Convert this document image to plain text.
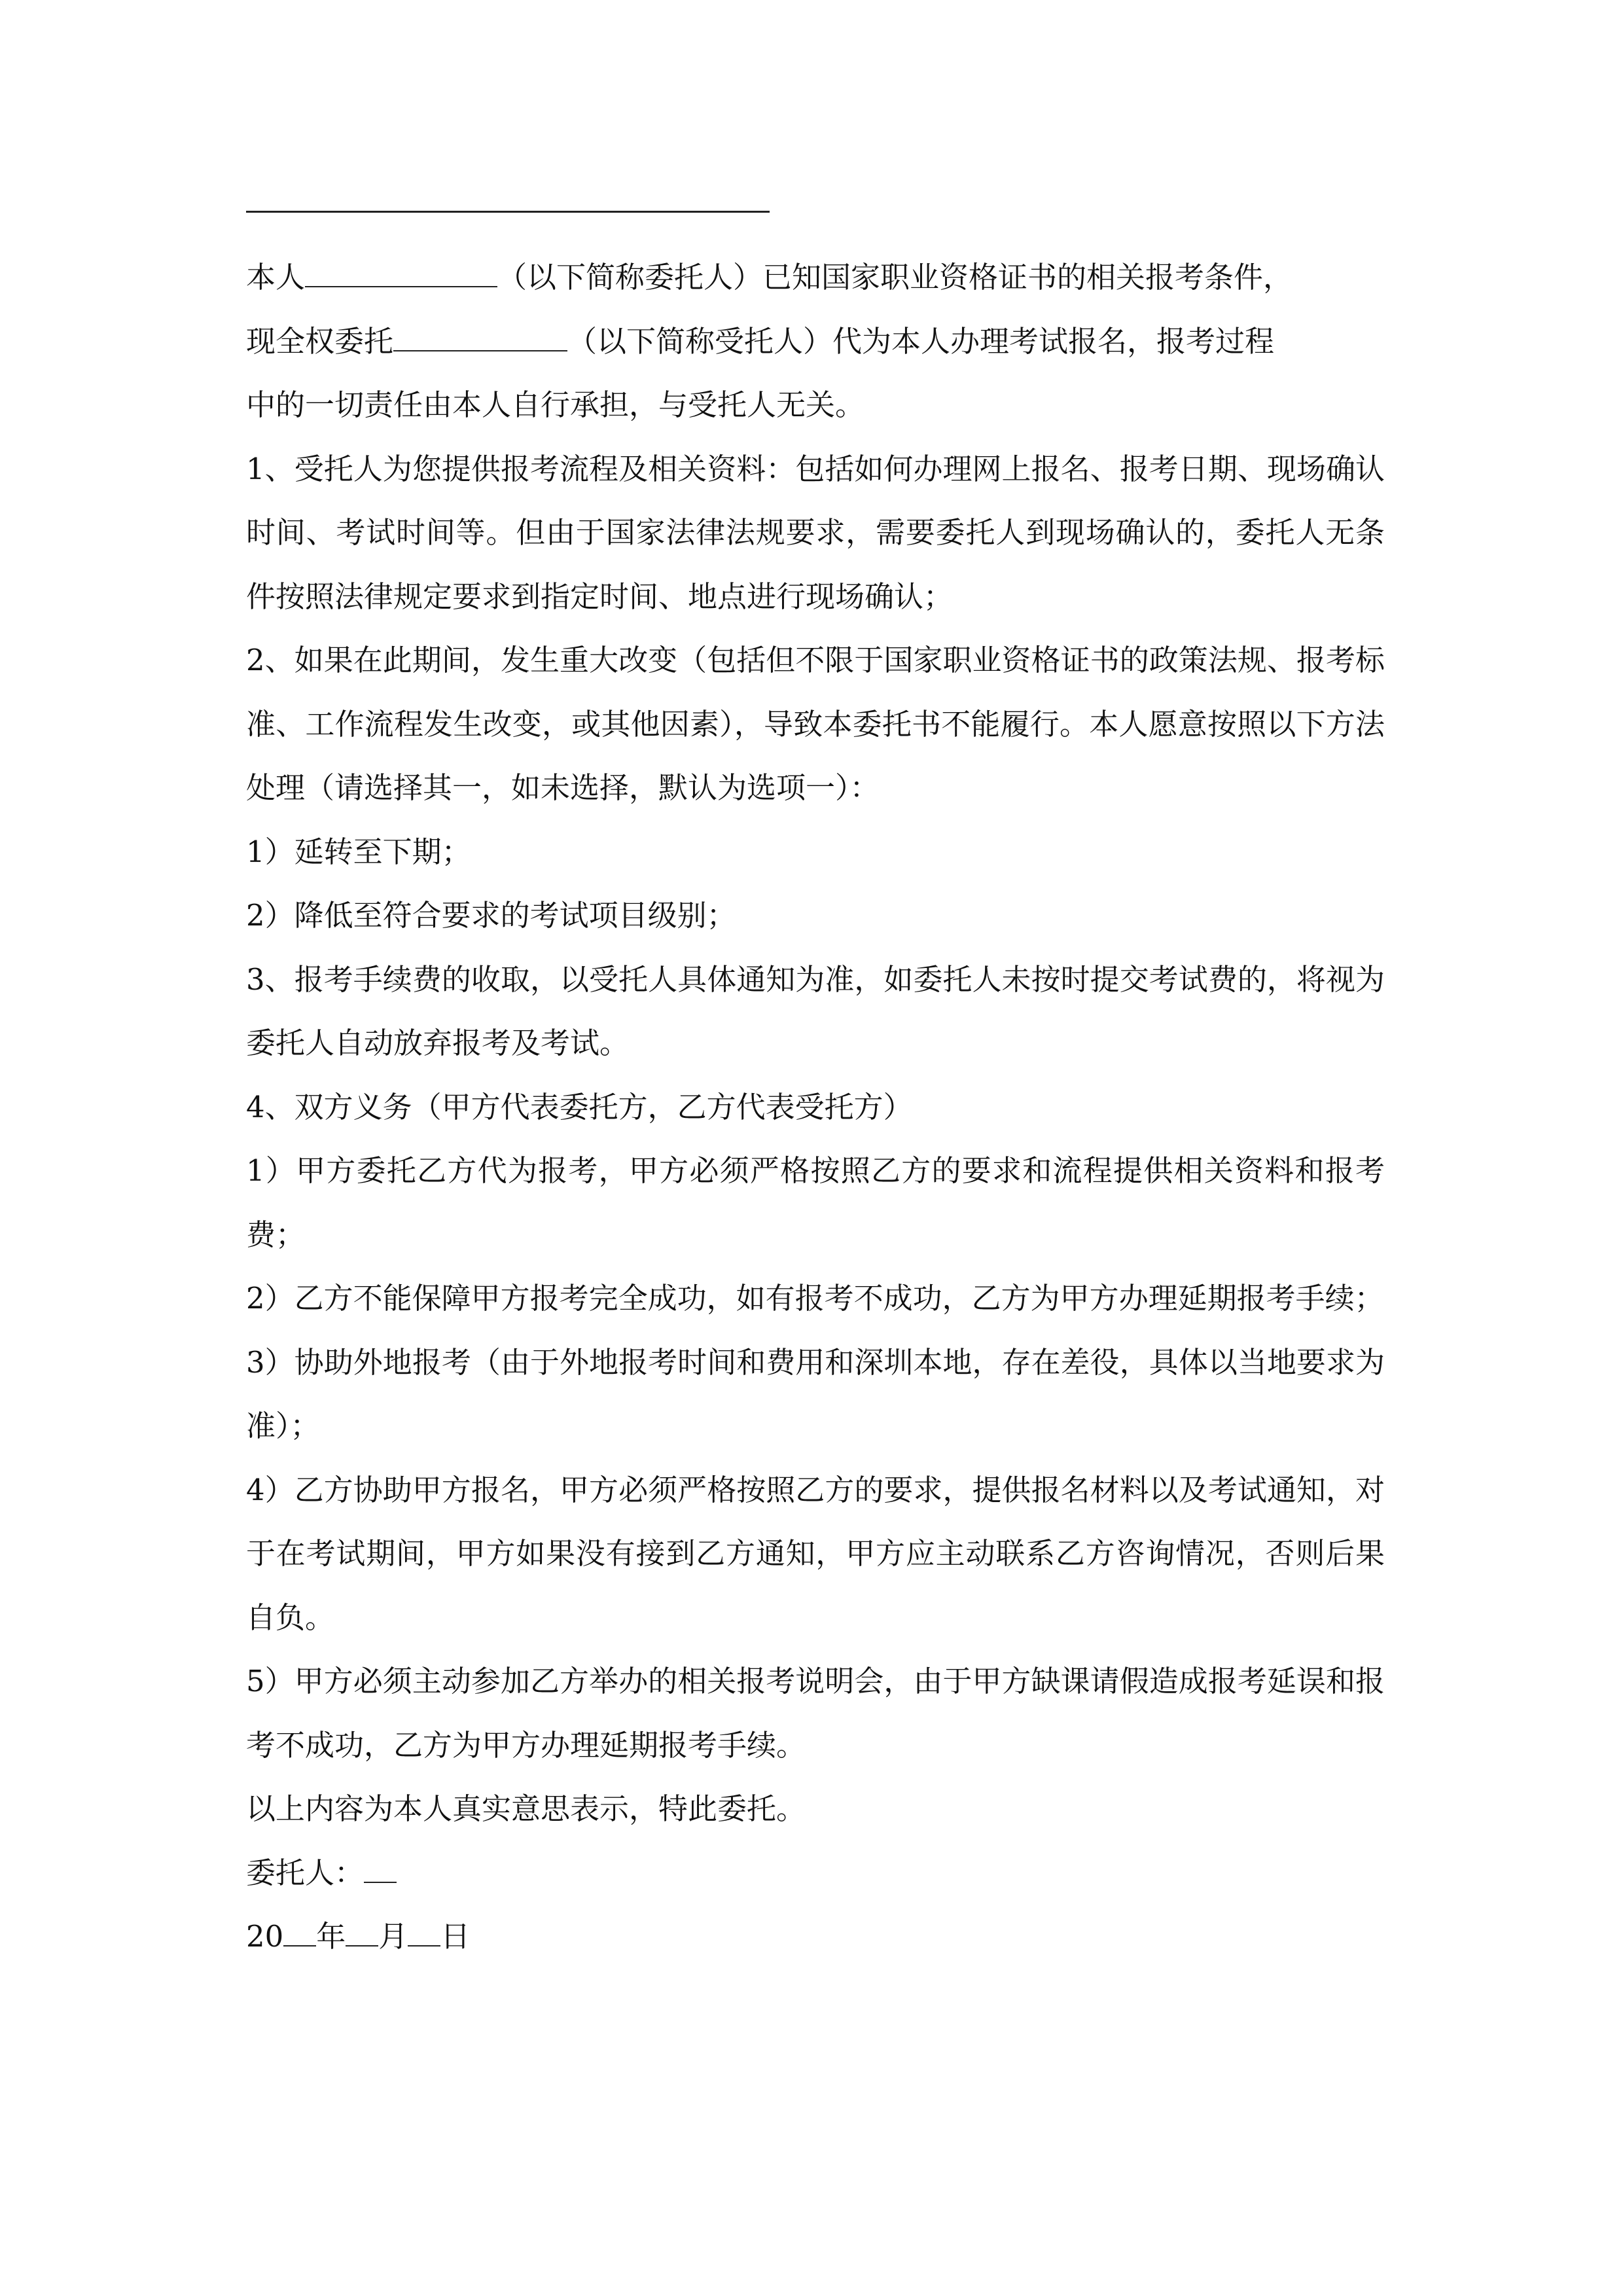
本人	（以下简称委托人）已知国家职业资格证书的相关报考条件，

现全权委托	（以下简称受托人）代为本人办理考试报名，报考过程

中的一切责任由本人自行承担，与受托人无关。

1、受托人为您提供报考流程及相关资料：包括如何办理网上报名、报考日期、现场确认时间、考试时间等。但由于国家法律法规要求，需要委托人到现场确认的，委托人无条件按照法律规定要求到指定时间、地点进行现场确认；

2、如果在此期间，发生重大改变（包括但不限于国家职业资格证书的政策法规、报考标准、工作流程发生改变，或其他因素），导致本委托书不能履行。本人愿意按照以下方法处理（请选择其一，如未选择，默认为选项一）：

1）延转至下期；

2）降低至符合要求的考试项目级别；

3、报考手续费的收取，以受托人具体通知为准，如委托人未按时提交考试费的，将视为委托人自动放弃报考及考试。

4、双方义务（甲方代表委托方，乙方代表受托方）

1）甲方委托乙方代为报考，甲方必须严格按照乙方的要求和流程提供相关资料和报考费；

2）乙方不能保障甲方报考完全成功，如有报考不成功，乙方为甲方办理延期报考手续；

3）协助外地报考（由于外地报考时间和费用和深圳本地，存在差役，具体以当地要求为准）；

4）乙方协助甲方报名，甲方必须严格按照乙方的要求，提供报名材料以及考试通知，对于在考试期间，甲方如果没有接到乙方通知，甲方应主动联系乙方咨询情况，否则后果自负。

5）甲方必须主动参加乙方举办的相关报考说明会，由于甲方缺课请假造成报考延误和报考不成功，乙方为甲方办理延期报考手续。

以上内容为本人真实意思表示，特此委托。

委托人：

20 年 月 日
